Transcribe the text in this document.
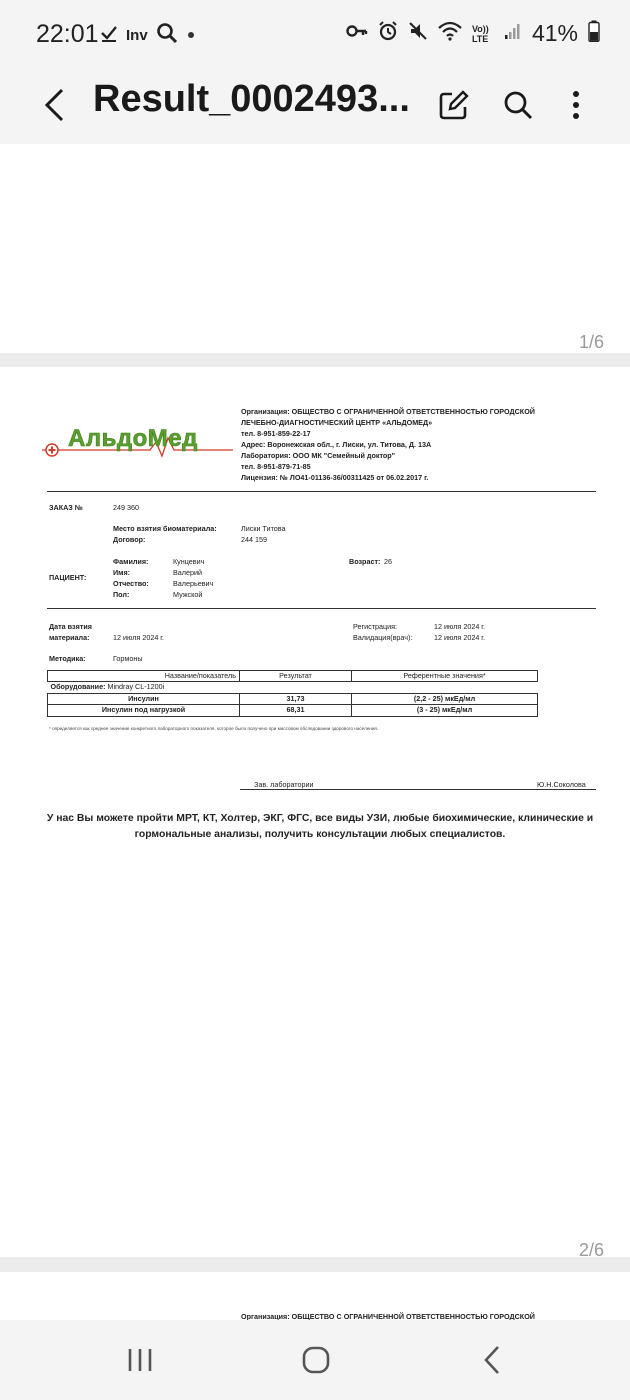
22:01 Inv	Vo)) LTE 41%
Result_0002493...
1/6
АльдоМед
Организация: ОБЩЕСТВО С ОГРАНИЧЕННОЙ ОТВЕТСТВЕННОСТЬЮ ГОРОДСКОЙ
ЛЕЧЕБНО-ДИАГНОСТИЧЕСКИЙ ЦЕНТР «АЛЬДОМЕД»
тел. 8-951-859-22-17
Адрес: Воронежская обл., г. Лиски, ул. Титова, Д. 13А
Лаборатория: ООО МК "Семейный доктор"
тел. 8-951-879-71-85
Лицензия: № ЛО41-01136-36/00311425 от 06.02.2017 г.
ЗАКАЗ №	249 360
Место взятия биоматериала:	Лиски Титова
Договор:	244 159
Фамилия:	Кунцевич	Возраст: 26
Имя:	Валерий
ПАЦИЕНТ:
Отчество:	Валерьевич
Пол:	Мужской
Дата взятия
материала:	12 июля 2024 г.
Регистрация:	12 июля 2024 г.
Валидация(врач):	12 июля 2024 г.
Методика:	Гормоны
Название/показатель	Результат	Референтные значения*
Оборудование: Mindray CL-1200i		
Инсулин	31,73	(2,2 - 25) мкЕд/мл
Инсулин под нагрузкой	68,31	(3 - 25) мкЕд/мл
* определяется как среднее значение конкретного лабораторного показателя, которое было получено при массовом обследовании здорового населения.
Зав. лаборатории	Ю.Н.Соколова
У нас Вы можете пройти МРТ, КТ, Холтер, ЭКГ, ФГС, все виды УЗИ, любые биохимические, клинические и
гормональные анализы, получить консультации любых специалистов.
2/6
Организация: ОБЩЕСТВО С ОГРАНИЧЕННОЙ ОТВЕТСТВЕННОСТЬЮ ГОРОДСКОЙ
